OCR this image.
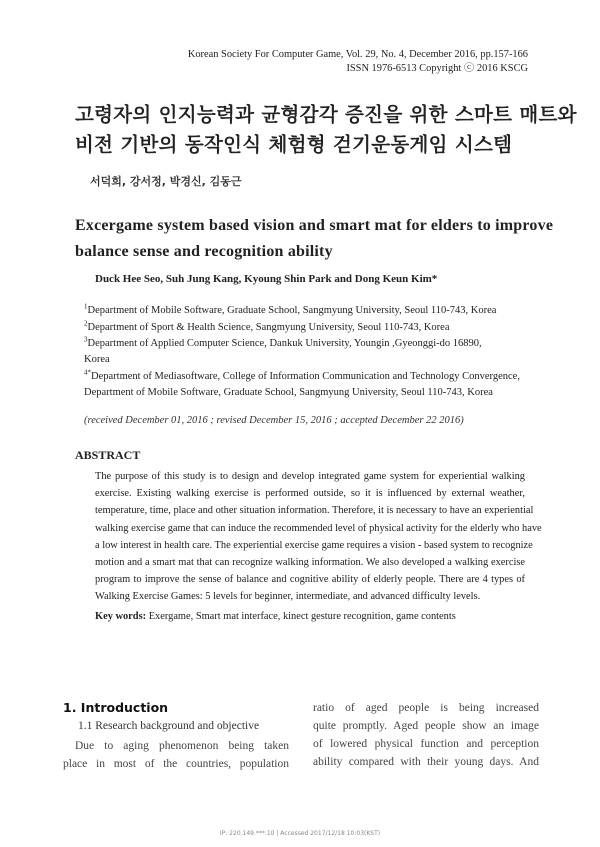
Korean Society For Computer Game, Vol. 29, No. 4, December 2016, pp.157-166
ISSN 1976-6513 Copyright ⓒ 2016 KSCG
고령자의 인지능력과 균형감각 증진을 위한 스마트 매트와
비전 기반의 동작인식 체험형 걷기운동게임 시스템
서덕희, 강서정, 박경신, 김동근
Excergame system based vision and smart mat for elders to improve
balance sense and recognition ability
Duck Hee Seo, Suh Jung Kang, Kyoung Shin Park and Dong Keun Kim*
$^1$Department of Mobile Software, Graduate School, Sangmyung University, Seoul 110-743, Korea
$^2$Department of Sport & Health Science, Sangmyung University, Seoul 110-743, Korea
$^3$Department of Applied Computer Science, Dankuk University, Youngin ,Gyeonggi-do 16890,
Korea
$^{4*}$Department of Mediasoftware, College of Information Communication and Technology Convergence,
Department of Mobile Software, Graduate School, Sangmyung University, Seoul 110-743, Korea
(received December 01, 2016 ; revised December 15, 2016 ; accepted December 22 2016)
ABSTRACT
The purpose of this study is to design and develop integrated game system for experiential walking
exercise. Existing walking exercise is performed outside, so it is influenced by external weather,
temperature, time, place and other situation information. Therefore, it is necessary to have an experiential
walking exercise game that can induce the recommended level of physical activity for the elderly who have
a low interest in health care. The experiential exercise game requires a vision - based system to recognize
motion and a smart mat that can recognize walking information. We also developed a walking exercise
program to improve the sense of balance and cognitive ability of elderly people. There are 4 types of
Walking Exercise Games: 5 levels for beginner, intermediate, and advanced difficulty levels.
Key words: Exergame, Smart mat interface, kinect gesture recognition, game contents
1. Introduction
1.1 Research background and objective
Due to aging phenomenon being taken
place in most of the countries, population
ratio of aged people is being increased
quite promptly. Aged people show an image
of lowered physical function and perception
ability compared with their young days. And
IP: 220.149.***.10 | Accessed 2017/12/18 10:03(KST)
